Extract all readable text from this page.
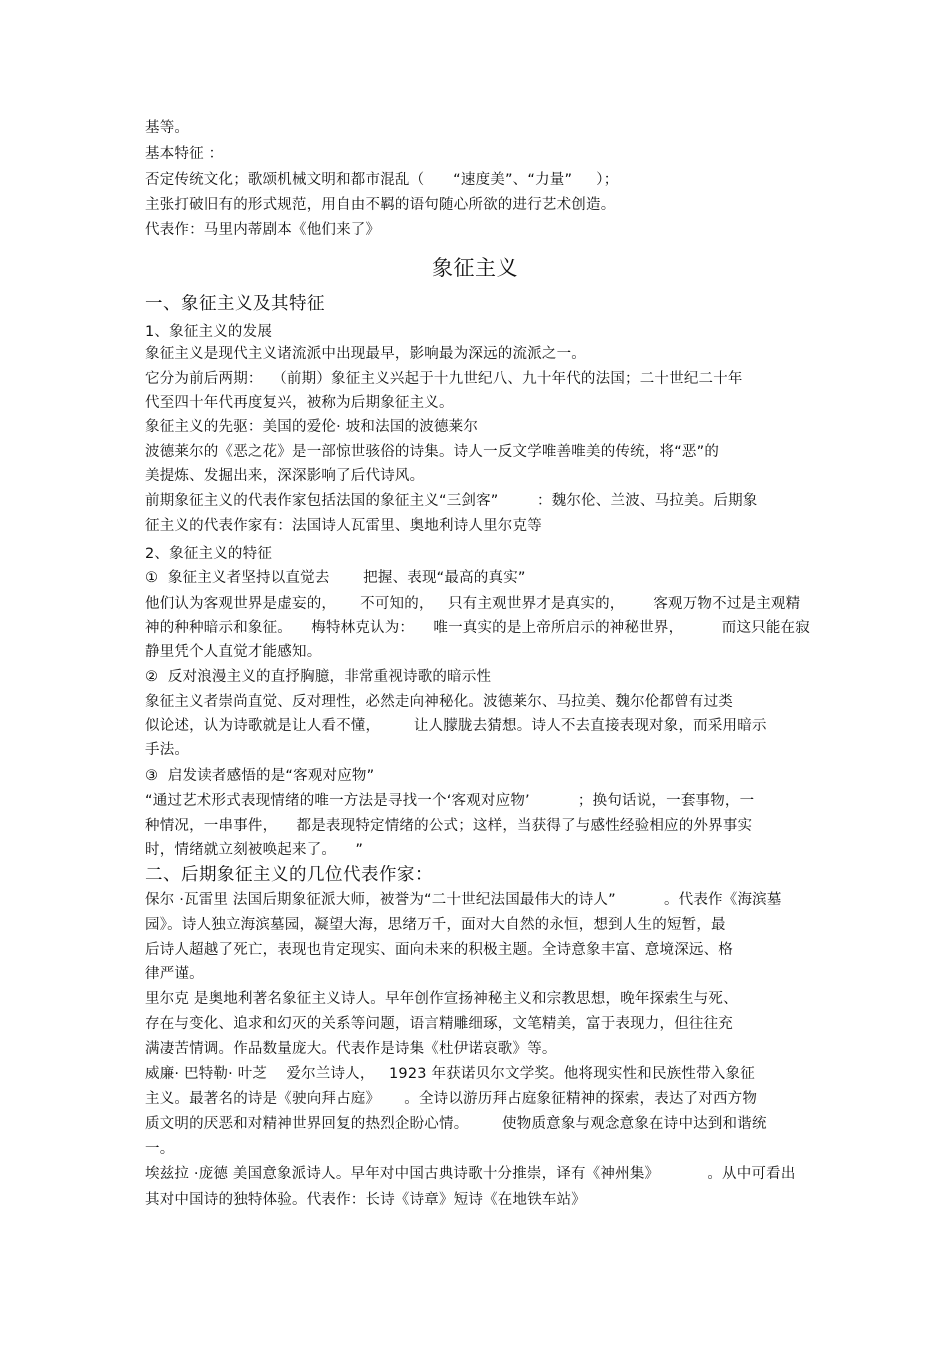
基等。
基本特征 ：
否定传统文化；歌颂机械文明和都市混乱（      “速度美”、“力量”     ）；
主张打破旧有的形式规范，用自由不羁的语句随心所欲的进行艺术创造。
代表作：马里内蒂剧本《他们来了》
象征主义
一、象征主义及其特征
1、象征主义的发展
象征主义是现代主义诸流派中出现最早，影响最为深远的流派之一。
它分为前后两期：  （前期）象征主义兴起于十九世纪八、九十年代的法国；二十世纪二十年
代至四十年代再度复兴，被称为后期象征主义。
象征主义的先驱：美国的爱伦· 坡和法国的波德莱尔
波德莱尔的《恶之花》是一部惊世骇俗的诗集。诗人一反文学唯善唯美的传统，将“恶”的
美提炼、发掘出来，深深影响了后代诗风。
前期象征主义的代表作家包括法国的象征主义“三剑客”        ：魏尔伦、兰波、马拉美。后期象
征主义的代表作家有：法国诗人瓦雷里、奥地利诗人里尔克等
2、象征主义的特征
①  象征主义者坚持以直觉去       把握、表现“最高的真实”
他们认为客观世界是虚妄的，     不可知的，   只有主观世界才是真实的，      客观万物不过是主观精
神的种种暗示和象征。    梅特林克认为：    唯一真实的是上帝所启示的神秘世界，        而这只能在寂
静里凭个人直觉才能感知。
②  反对浪漫主义的直抒胸臆，非常重视诗歌的暗示性
象征主义者崇尚直觉、反对理性，必然走向神秘化。波德莱尔、马拉美、魏尔伦都曾有过类
似论述，认为诗歌就是让人看不懂，       让人朦胧去猜想。诗人不去直接表现对象，而采用暗示
手法。
③  启发读者感悟的是“客观对应物”
“通过艺术形式表现情绪的唯一方法是寻找一个‘客观对应物’          ；换句话说，一套事物，一
种情况，一串事件，    都是表现特定情绪的公式；这样，当获得了与感性经验相应的外界事实
时，情绪就立刻被唤起来了。    ”
二、后期象征主义的几位代表作家：
保尔 ·瓦雷里 法国后期象征派大师，被誉为“二十世纪法国最伟大的诗人”          。代表作《海滨墓
园》。诗人独立海滨墓园，凝望大海，思绪万千，面对大自然的永恒，想到人生的短暂，最
后诗人超越了死亡，表现也肯定现实、面向未来的积极主题。全诗意象丰富、意境深远、格
律严谨。
里尔克 是奥地利著名象征主义诗人。早年创作宣扬神秘主义和宗教思想，晚年探索生与死、
存在与变化、追求和幻灭的关系等问题，语言精雕细琢，文笔精美，富于表现力，但往往充
满凄苦情调。作品数量庞大。代表作是诗集《杜伊诺哀歌》等。
威廉· 巴特勒· 叶芝    爱尔兰诗人，   1923 年获诺贝尔文学奖。他将现实性和民族性带入象征
主义。最著名的诗是《驶向拜占庭》     。全诗以游历拜占庭象征精神的探索，表达了对西方物
质文明的厌恶和对精神世界回复的热烈企盼心情。       使物质意象与观念意象在诗中达到和谐统
一。
埃兹拉 ·庞德 美国意象派诗人。早年对中国古典诗歌十分推崇，译有《神州集》          。从中可看出
其对中国诗的独特体验。代表作：长诗《诗章》短诗《在地铁车站》
